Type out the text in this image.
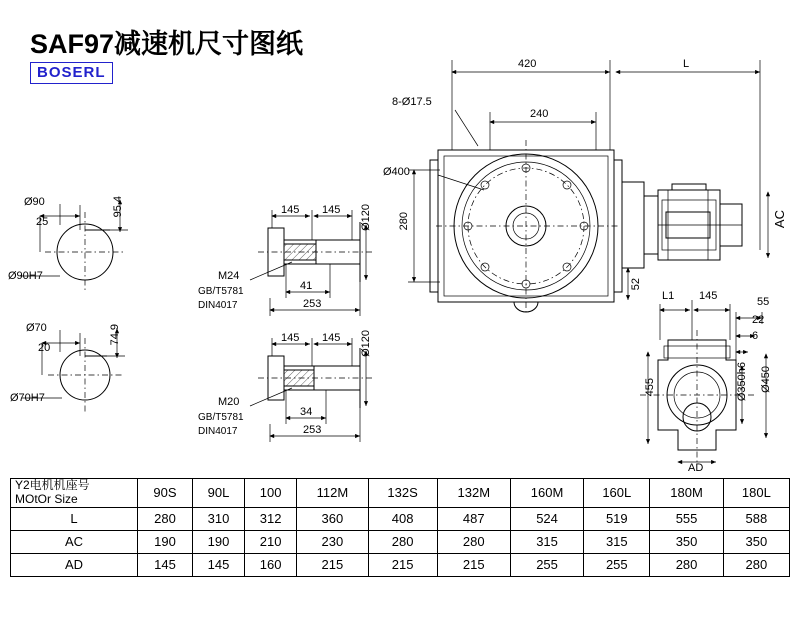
SAF97减速机尺寸图纸
BOSERL
Ø90
25
95.4
Ø90H7
Ø70
20
74.9
Ø70H7
145 145 Ø120
M24
GB/T5781
DIN4017
41
253
145 145 Ø120
M20
GB/T5781
DIN4017
34
253
420	L
8-Ø17.5
240
Ø400
280
52
AC
L1 145	55
22
6
455	Ø350h6 Ø450
AD
Y2电机机座号
MOtOr Size	90S	90L	100	112M	132S	132M	160M	160L	180M	180L
L	280	310	312	360	408	487	524	519	555	588
AC	190	190	210	230	280	280	315	315	350	350
AD	145	145	160	215	215	215	255	255	280	280
